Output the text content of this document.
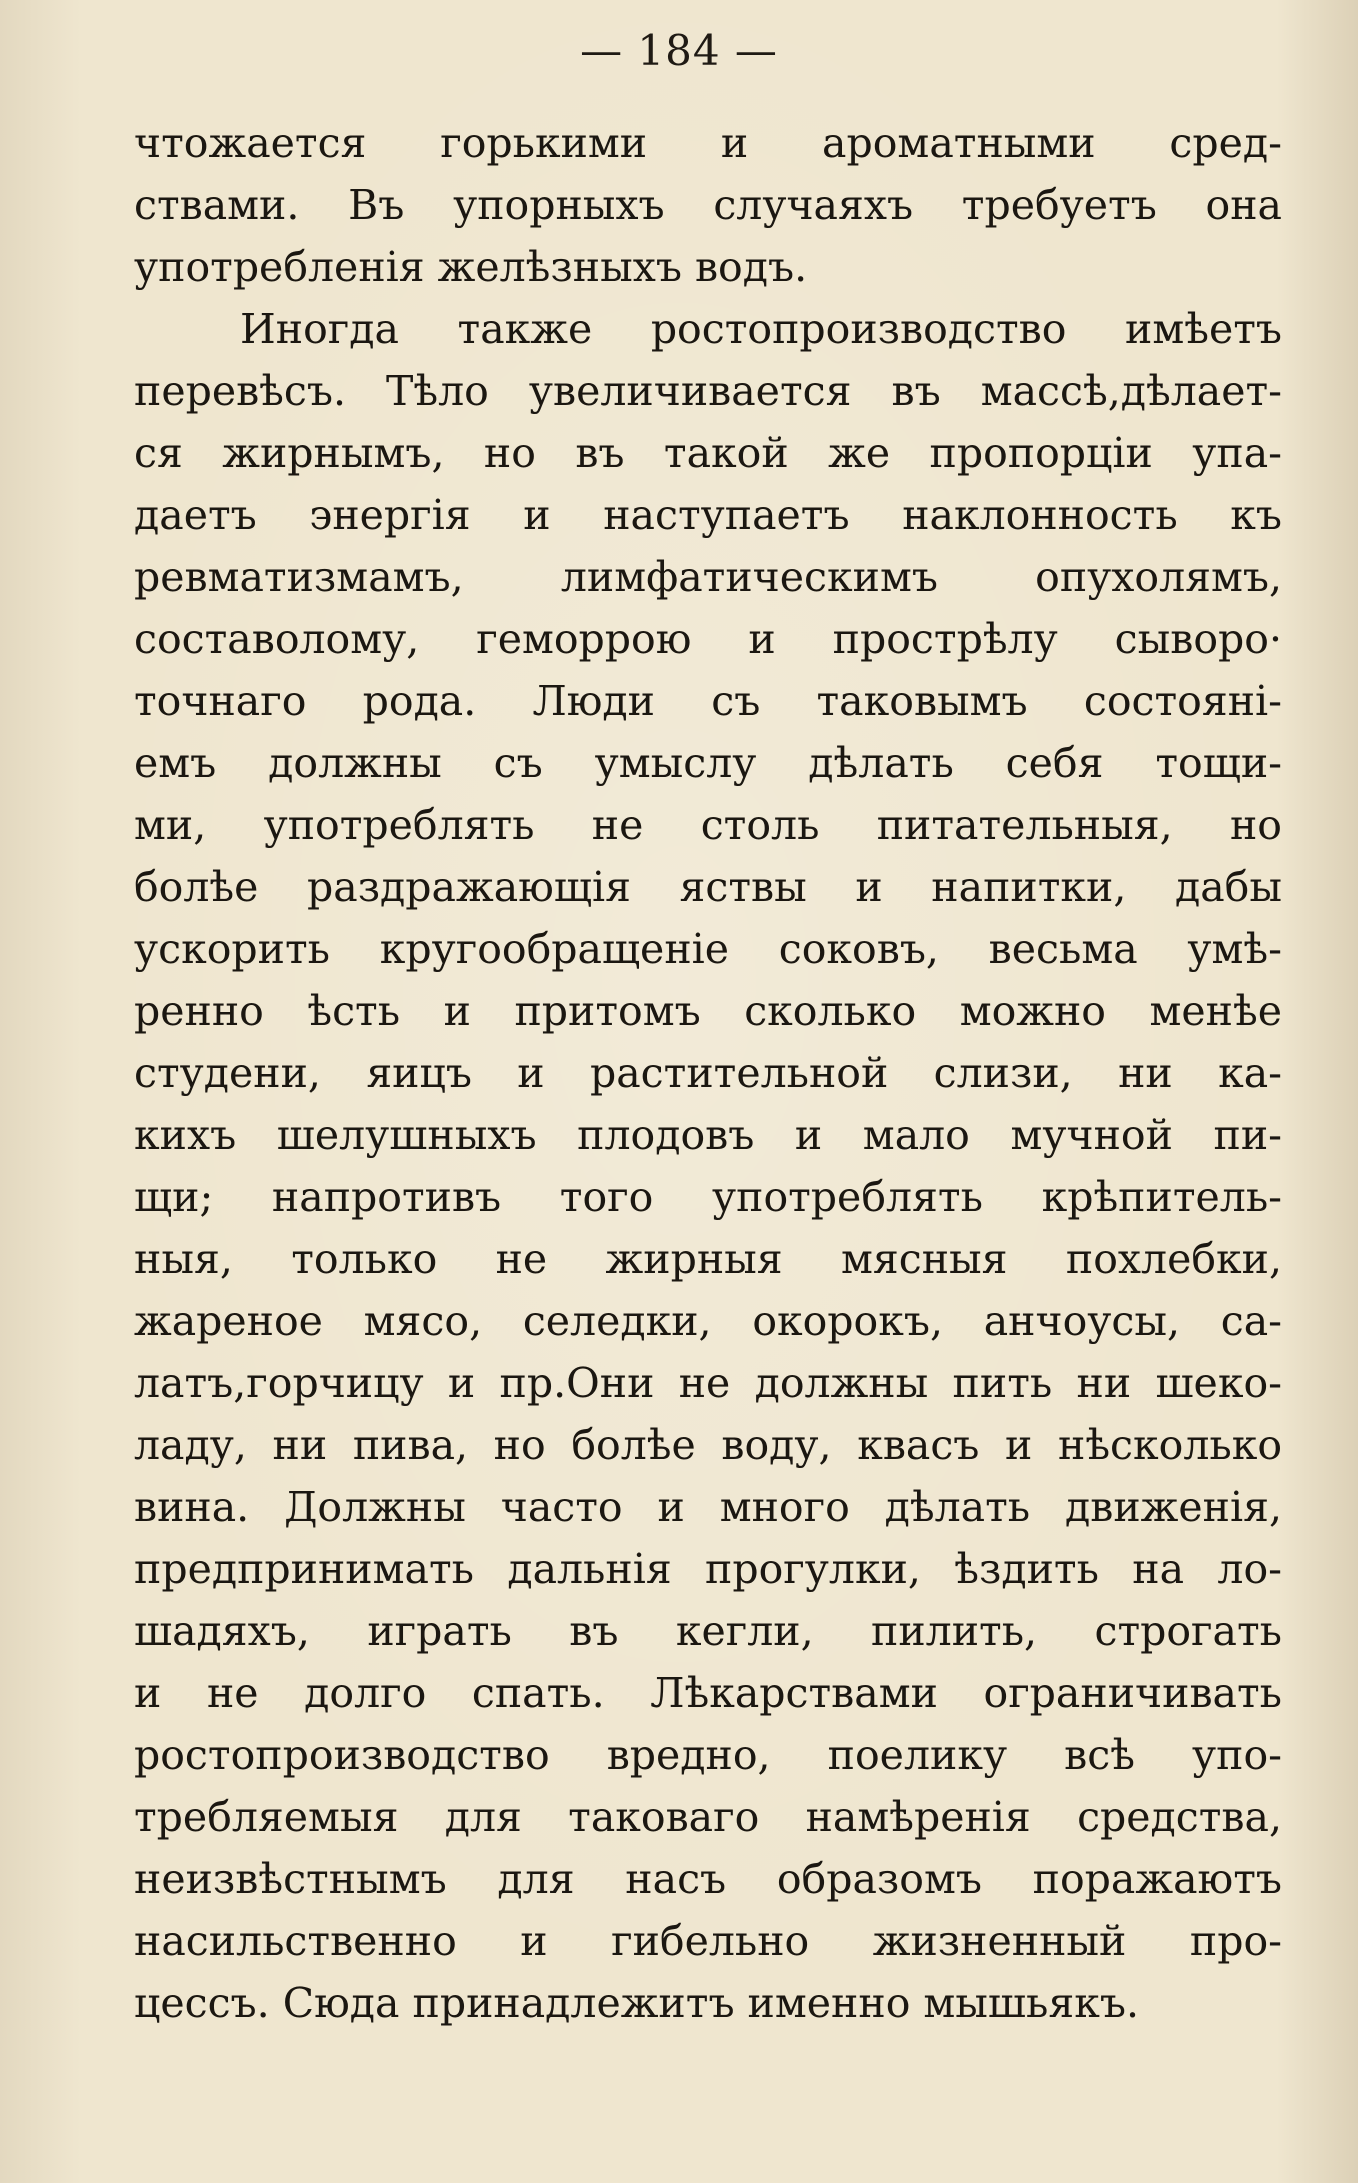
— 184 —
чтожается горькими и ароматными сред-
ствами. Въ упорныхъ случаяхъ требуетъ она
употребленія желѣзныхъ водъ.
Иногда также ростопроизводство имѣетъ
перевѣсъ. Тѣло увеличивается въ массѣ,дѣлает-
ся жирнымъ, но въ такой же пропорціи упа-
даетъ энергія и наступаетъ наклонность къ
ревматизмамъ, лимфатическимъ опухолямъ,
составолому, геморрою и прострѣлу сыворо·
точнаго рода. Люди съ таковымъ состояні-
емъ должны съ умыслу дѣлать себя тощи-
ми, употреблять не столь питательныя, но
болѣе раздражающія яствы и напитки, дабы
ускорить кругообращеніе соковъ, весьма умѣ-
ренно ѣсть и притомъ сколько можно менѣе
студени, яицъ и растительной слизи, ни ка-
кихъ шелушныхъ плодовъ и мало мучной пи-
щи; напротивъ того употреблять крѣпитель-
ныя, только не жирныя мясныя похлебки,
жареное мясо, селедки, окорокъ, анчоусы, са-
латъ,горчицу и пр.Они не должны пить ни шеко-
ладу, ни пива, но болѣе воду, квасъ и нѣсколько
вина. Должны часто и много дѣлать движенія,
предпринимать дальнія прогулки, ѣздить на ло-
шадяхъ, играть въ кегли, пилить, строгать
и не долго спать. Лѣкарствами ограничивать
ростопроизводство вредно, поелику всѣ упо-
требляемыя для таковаго намѣренія средства,
неизвѣстнымъ для насъ образомъ поражаютъ
насильственно и гибельно жизненный про-
цессъ. Сюда принадлежитъ именно мышьякъ.
